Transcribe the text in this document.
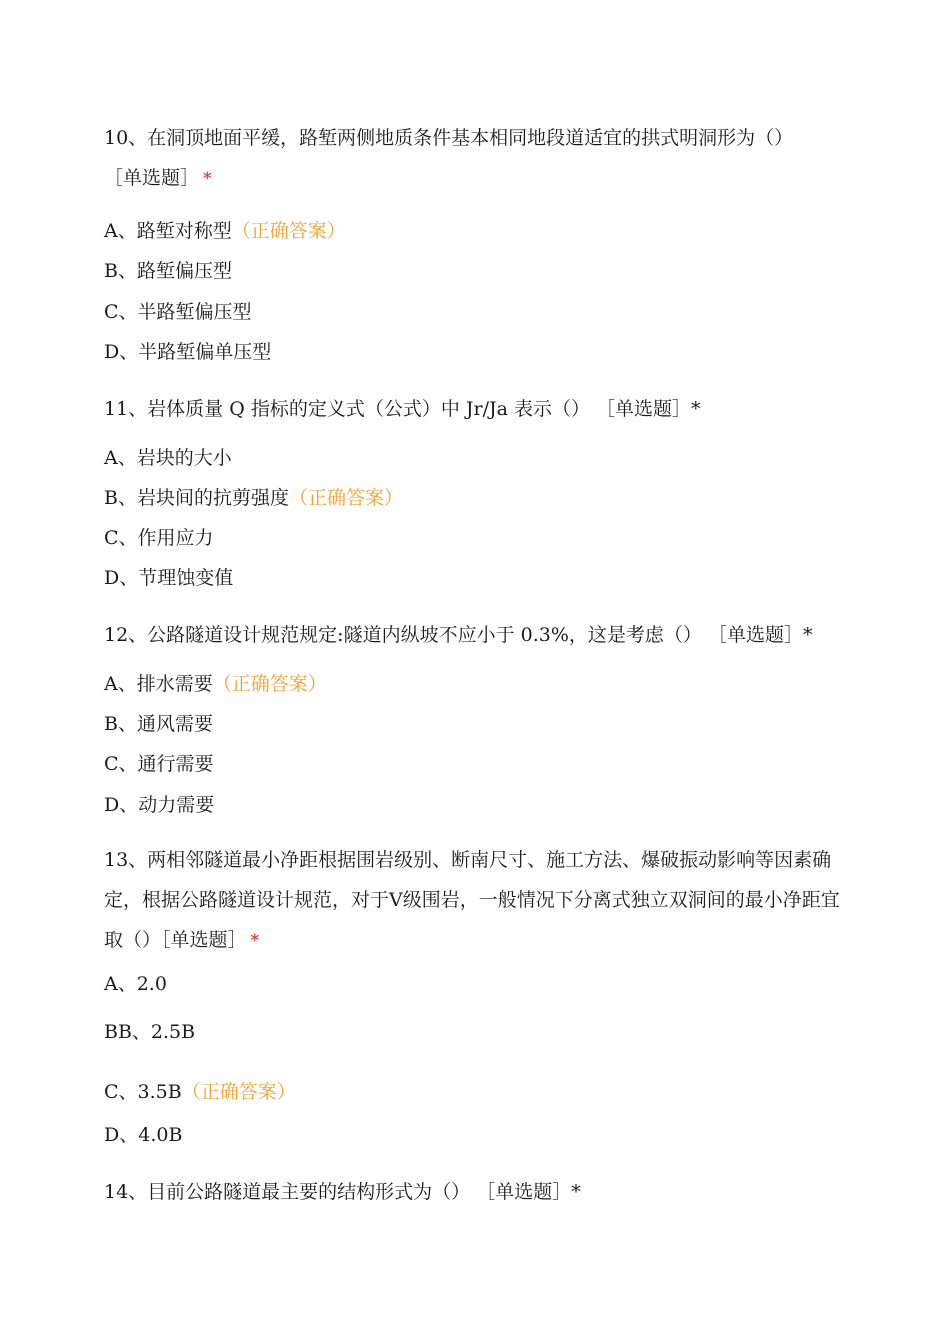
10、在洞顶地面平缓，路堑两侧地质条件基本相同地段道适宜的拱式明洞形为（）
［单选题］ *

A、路堑对称型（正确答案）

B、路堑偏压型

C、半路堑偏压型

D、半路堑偏单压型

11、岩体质量 Q 指标的定义式（公式）中 Jr/Ja 表示（） ［单选题］*

A、岩块的大小

B、岩块间的抗剪强度（正确答案）

C、作用应力

D、节理蚀变值

12、公路隧道设计规范规定:隧道内纵坡不应小于 0.3%，这是考虑（） ［单选题］*

A、排水需要（正确答案）

B、通风需要

C、通行需要

D、动力需要

13、两相邻隧道最小净距根据围岩级别、断南尺寸、施工方法、爆破振动影响等因素确定，根据公路隧道设计规范，对于Ⅴ级围岩，一般情况下分离式独立双洞间的最小净距宜取（）［单选题］ *

A、2.0

BB、2.5B

C、3.5B（正确答案）

D、4.0B

14、目前公路隧道最主要的结构形式为（） ［单选题］*
